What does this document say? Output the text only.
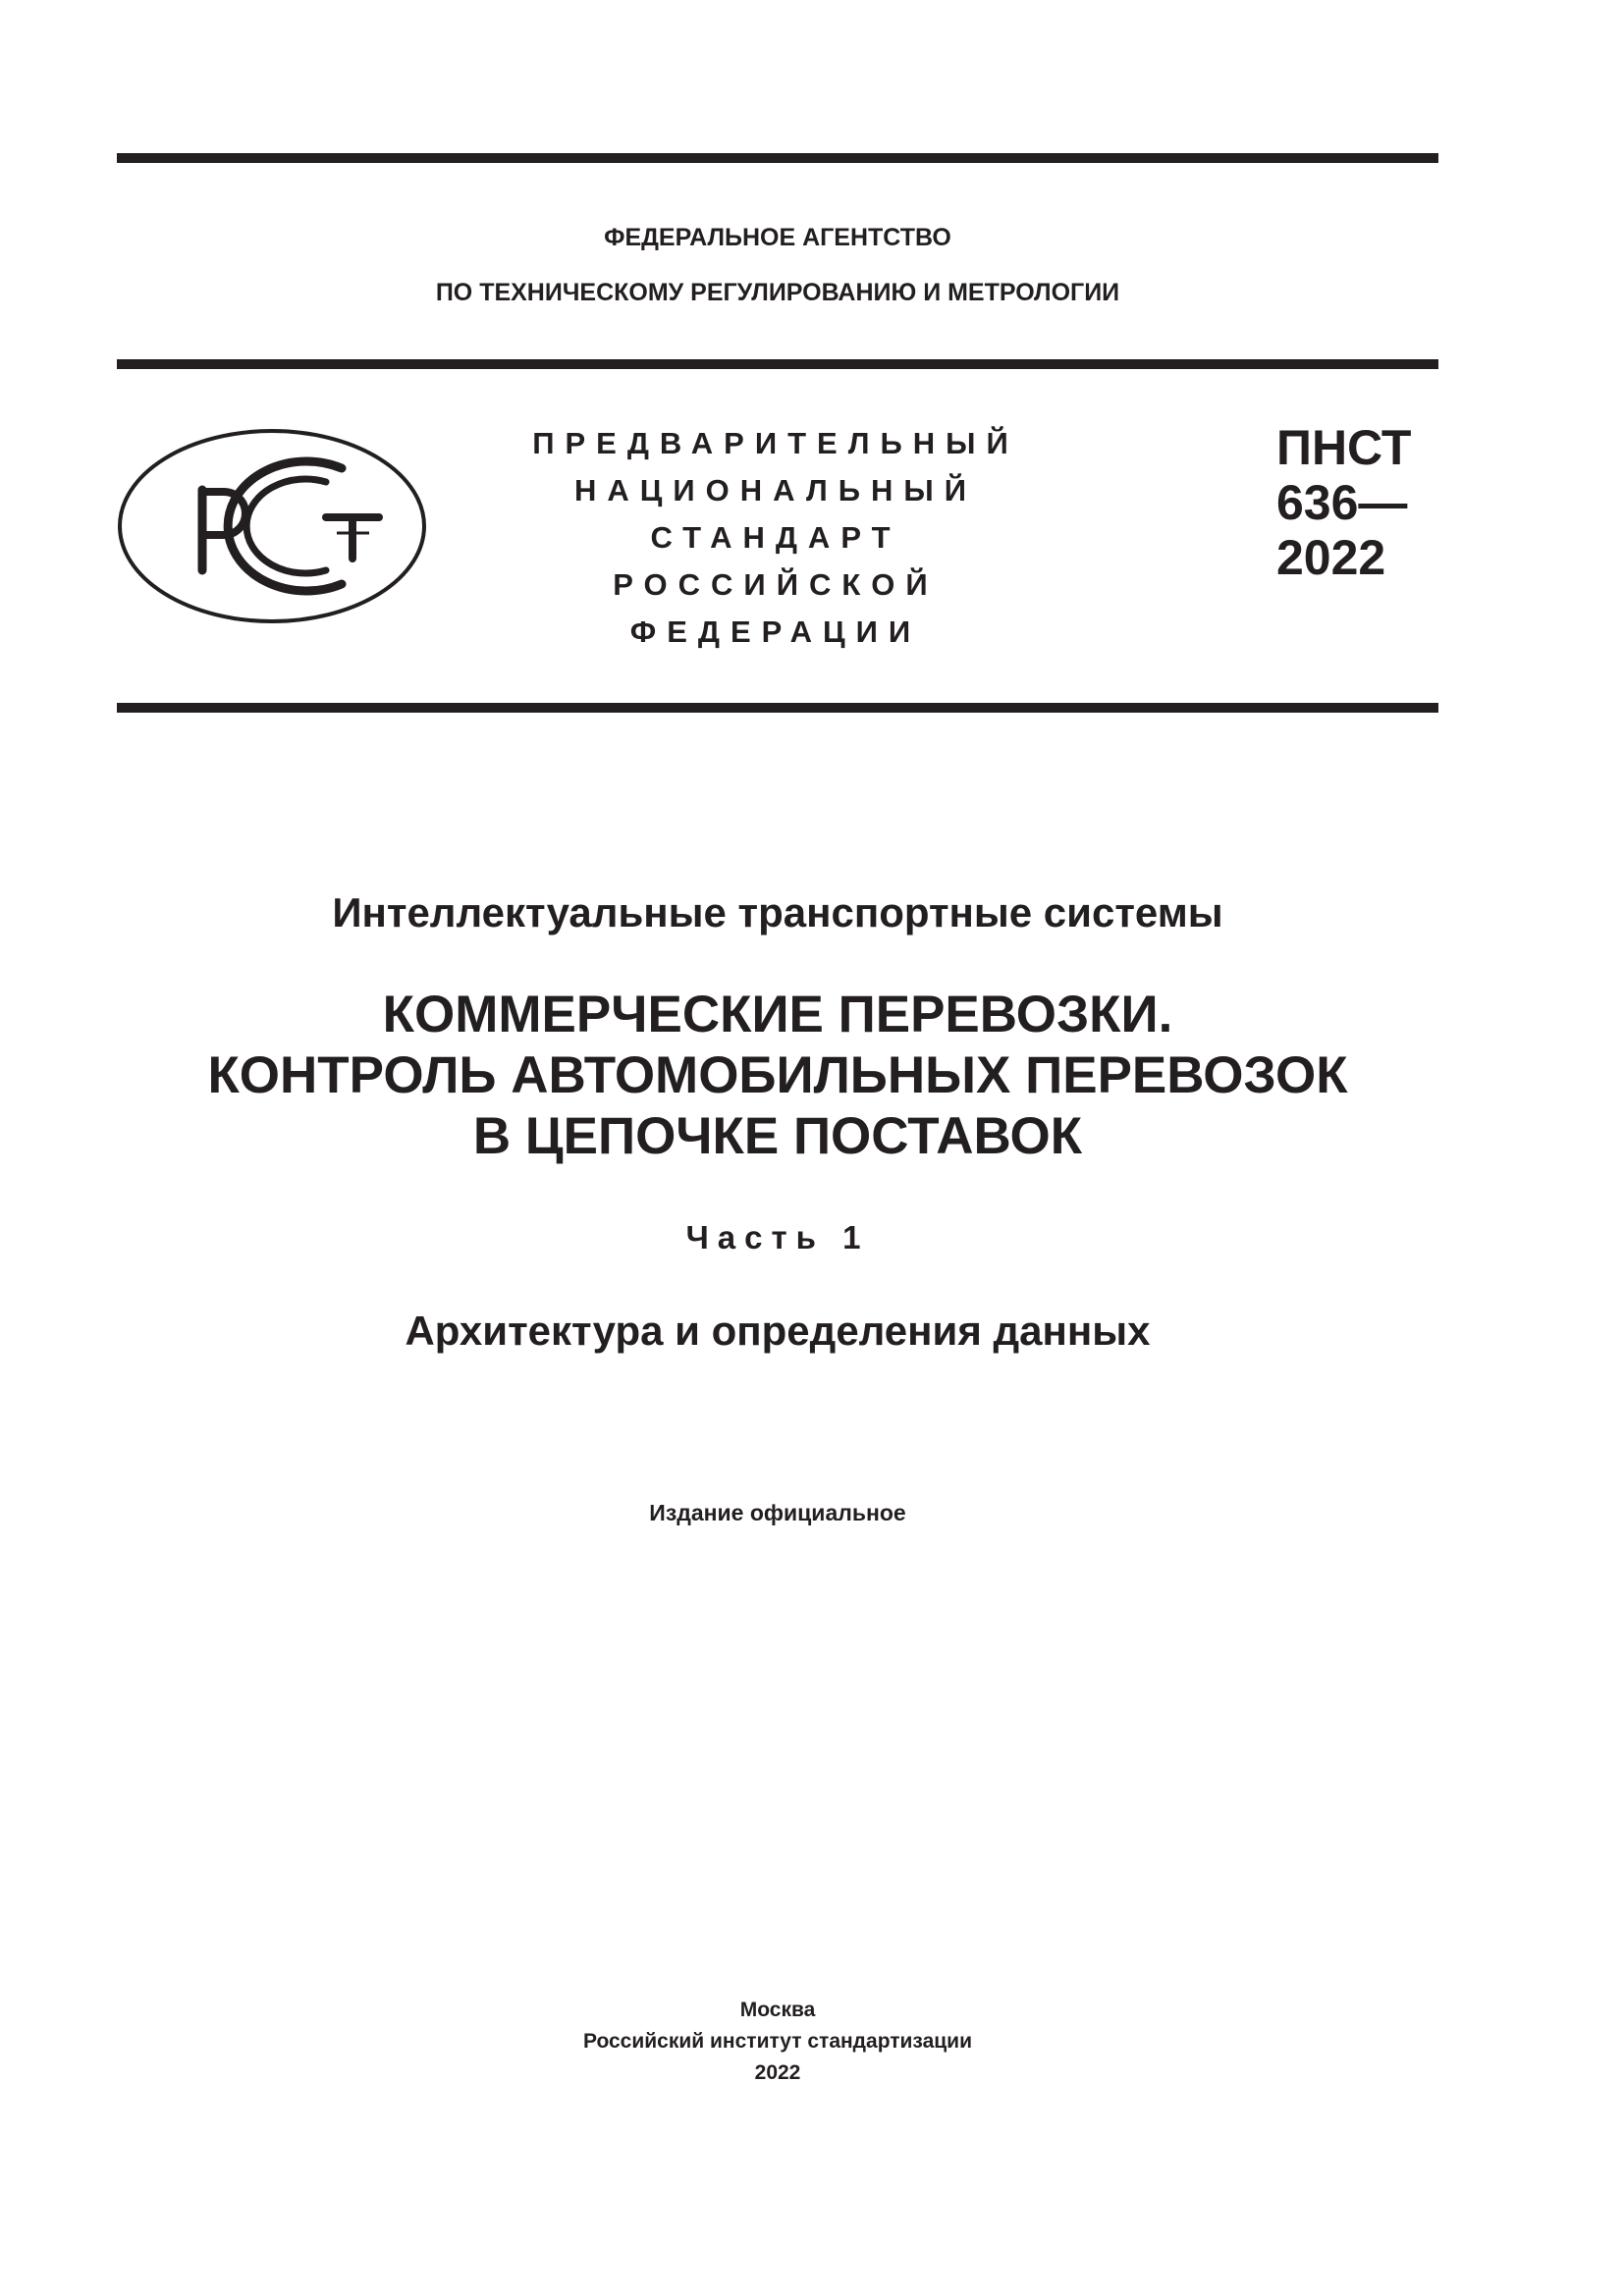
ФЕДЕРАЛЬНОЕ АГЕНТСТВО
ПО ТЕХНИЧЕСКОМУ РЕГУЛИРОВАНИЮ И МЕТРОЛОГИИ
ПРЕДВАРИТЕЛЬНЫЙ
НАЦИОНАЛЬНЫЙ
СТАНДАРТ
РОССИЙСКОЙ
ФЕДЕРАЦИИ
ПНСТ
636—
2022
Интеллектуальные транспортные системы
КОММЕРЧЕСКИЕ ПЕРЕВОЗКИ.
КОНТРОЛЬ АВТОМОБИЛЬНЫХ ПЕРЕВОЗОК
В ЦЕПОЧКЕ ПОСТАВОК
Часть 1
Архитектура и определения данных
Издание официальное
Москва
Российский институт стандартизации
2022
